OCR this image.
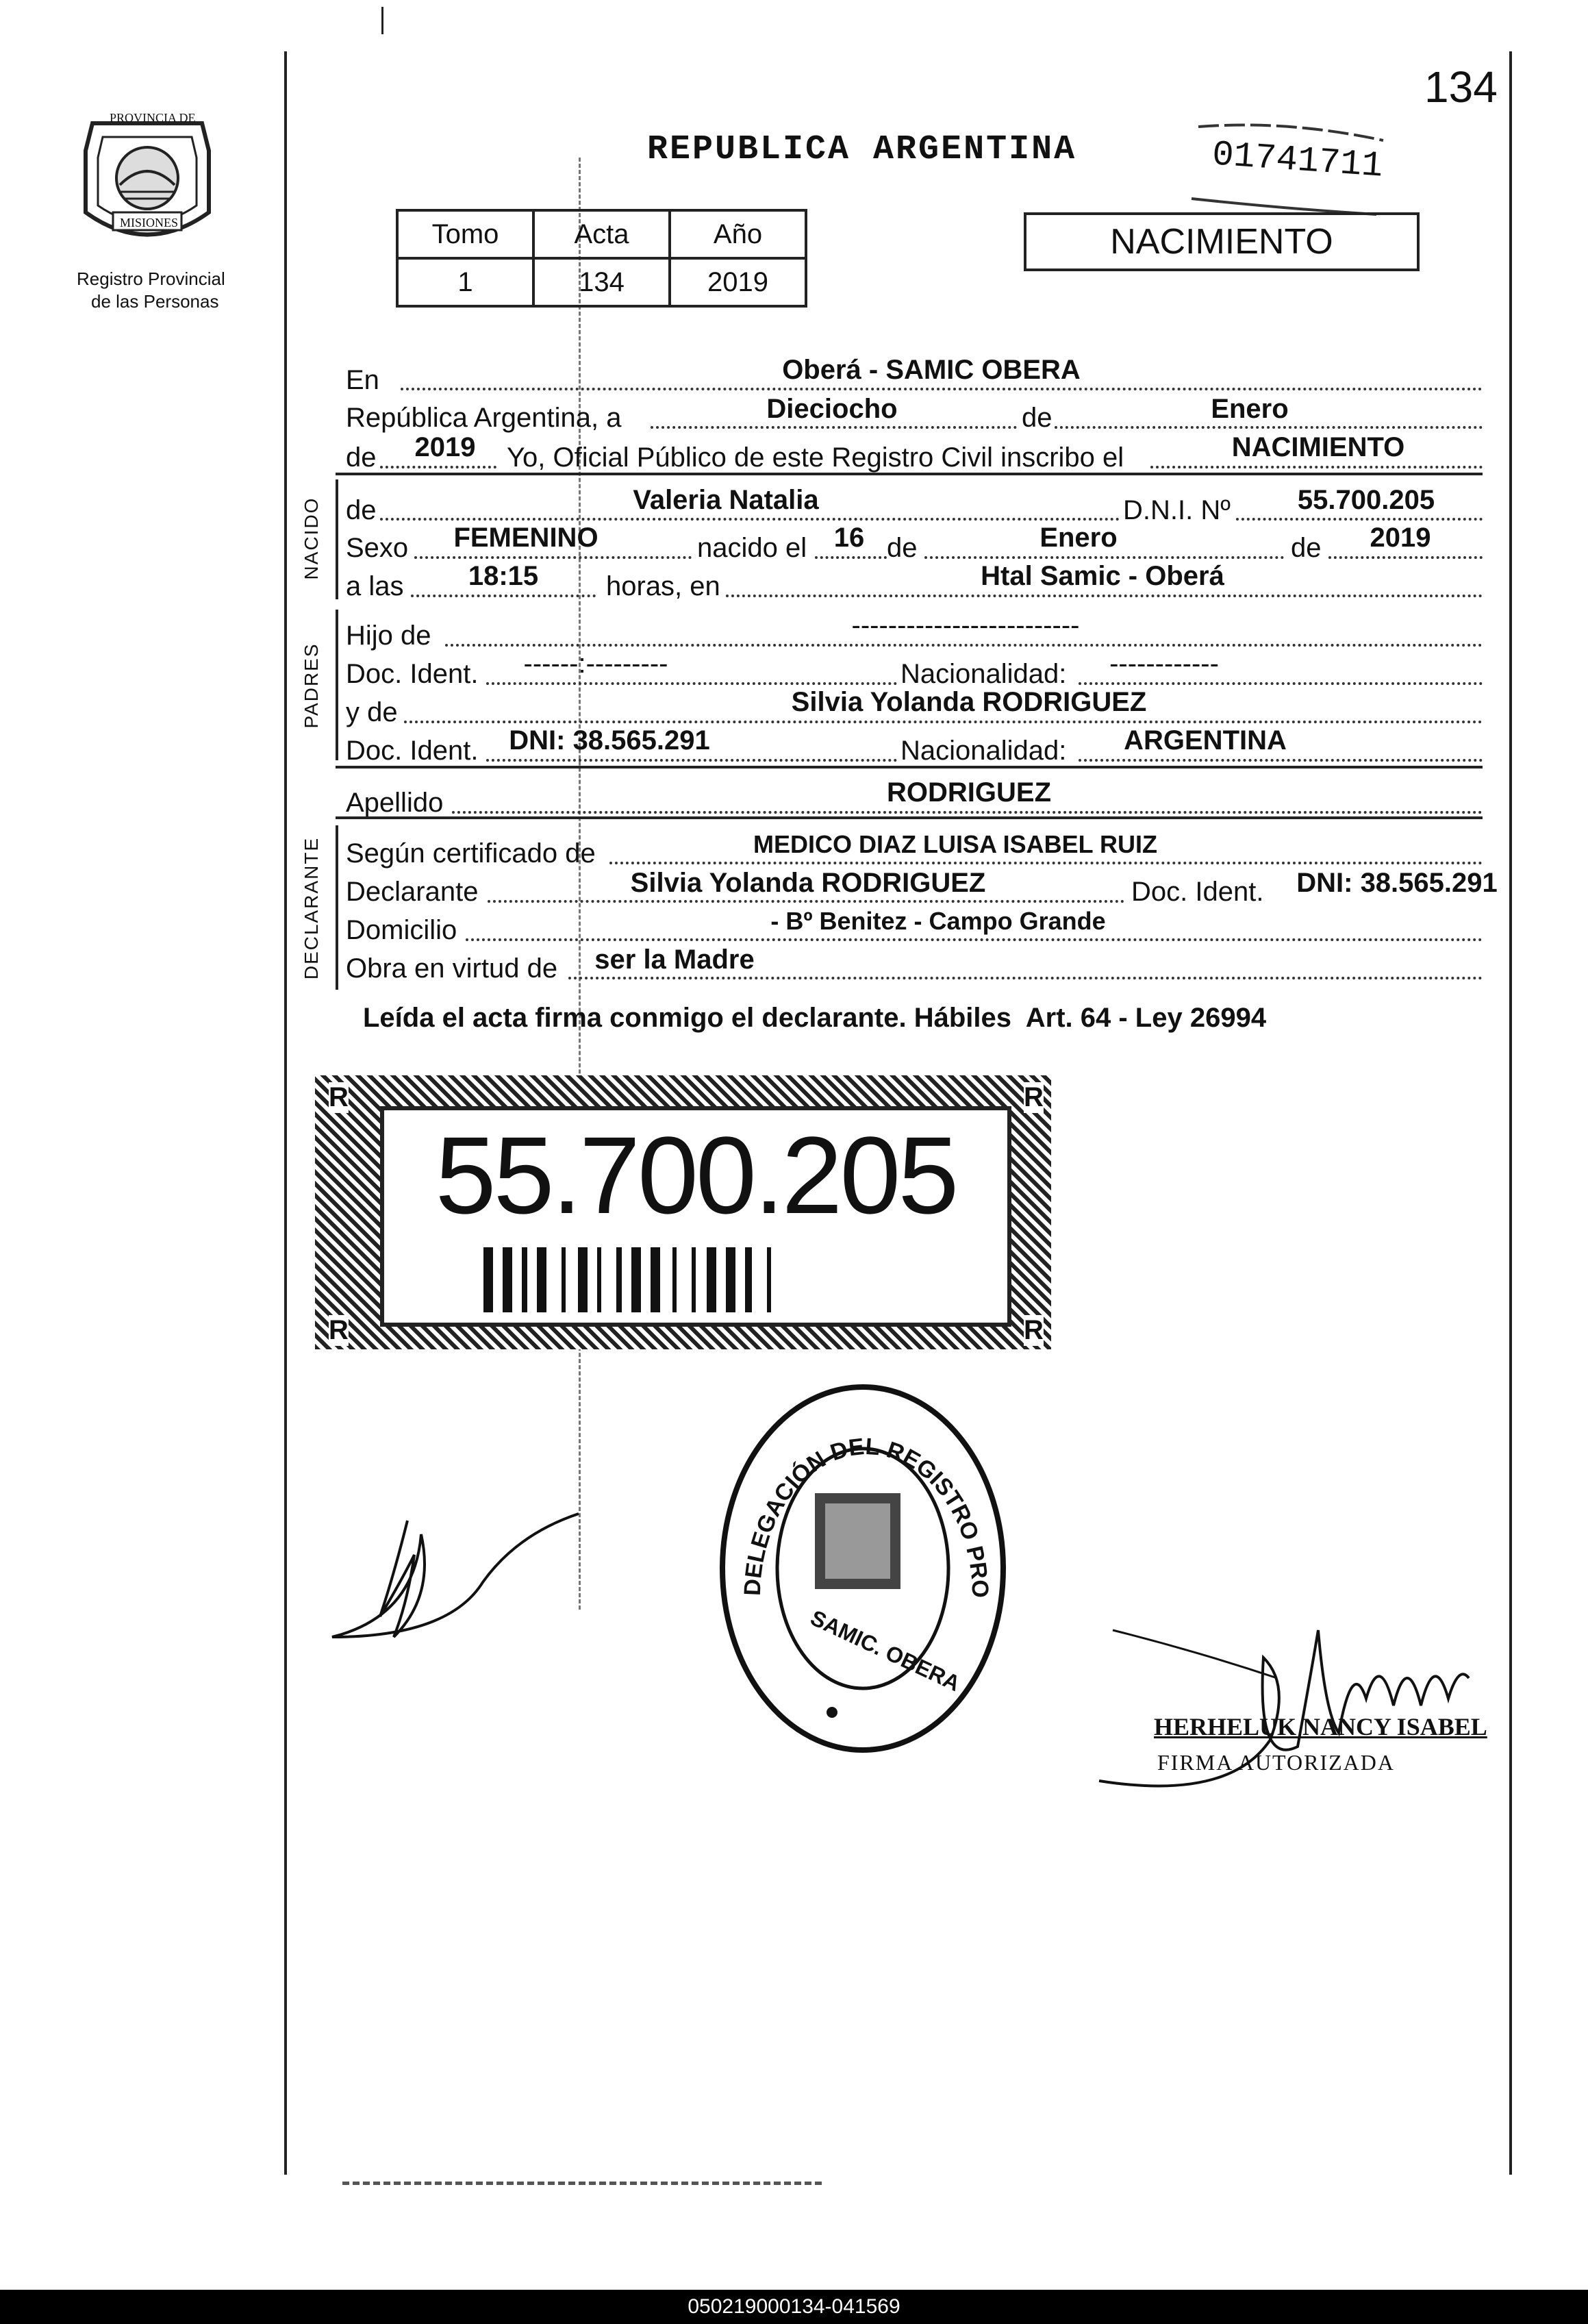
134
PROVINCIA DE
MISIONES
Registro Provincial
de las Personas
REPUBLICA ARGENTINA	01741711
NACIMIENTO
Tomo	Acta	Año
1	134	2019
En	Oberá - SAMIC OBERA
República Argentina, a	Dieciocho	de	Enero
de 2019 Yo, Oficial Público de este Registro Civil inscribo el	NACIMIENTO
NACIDO de	Valeria Natalia	D.N.I. Nº 55.700.205
Sexo FEMENINO	nacido el 16 de	Enero	de 2019
a las 18:15 horas, en	Htal Samic - Oberá
PADRES
Hijo de	-------------------------
Doc. Ident. ------:---------	Nacionalidad: ------------
y de	Silvia Yolanda RODRIGUEZ
Doc. Ident. DNI: 38.565.291	Nacionalidad: ARGENTINA
Apellido	RODRIGUEZ
DECLARANTE Según certificado de	MEDICO DIAZ LUISA ISABEL RUIZ
Declarante	Silvia Yolanda RODRIGUEZ	Doc. Ident. DNI: 38.565.291
Domicilio	- Bº Benitez - Campo Grande
Obra en virtud de ser la Madre
Leída el acta firma conmigo el declarante. Hábiles  Art. 64 - Ley 26994
55.700.205
R	R
R	R
DELEGACIÓN DEL REGISTRO PRO
SAMIC. OBERA
HERHELUK NANCY ISABEL
FIRMA AUTORIZADA
050219000134-041569
